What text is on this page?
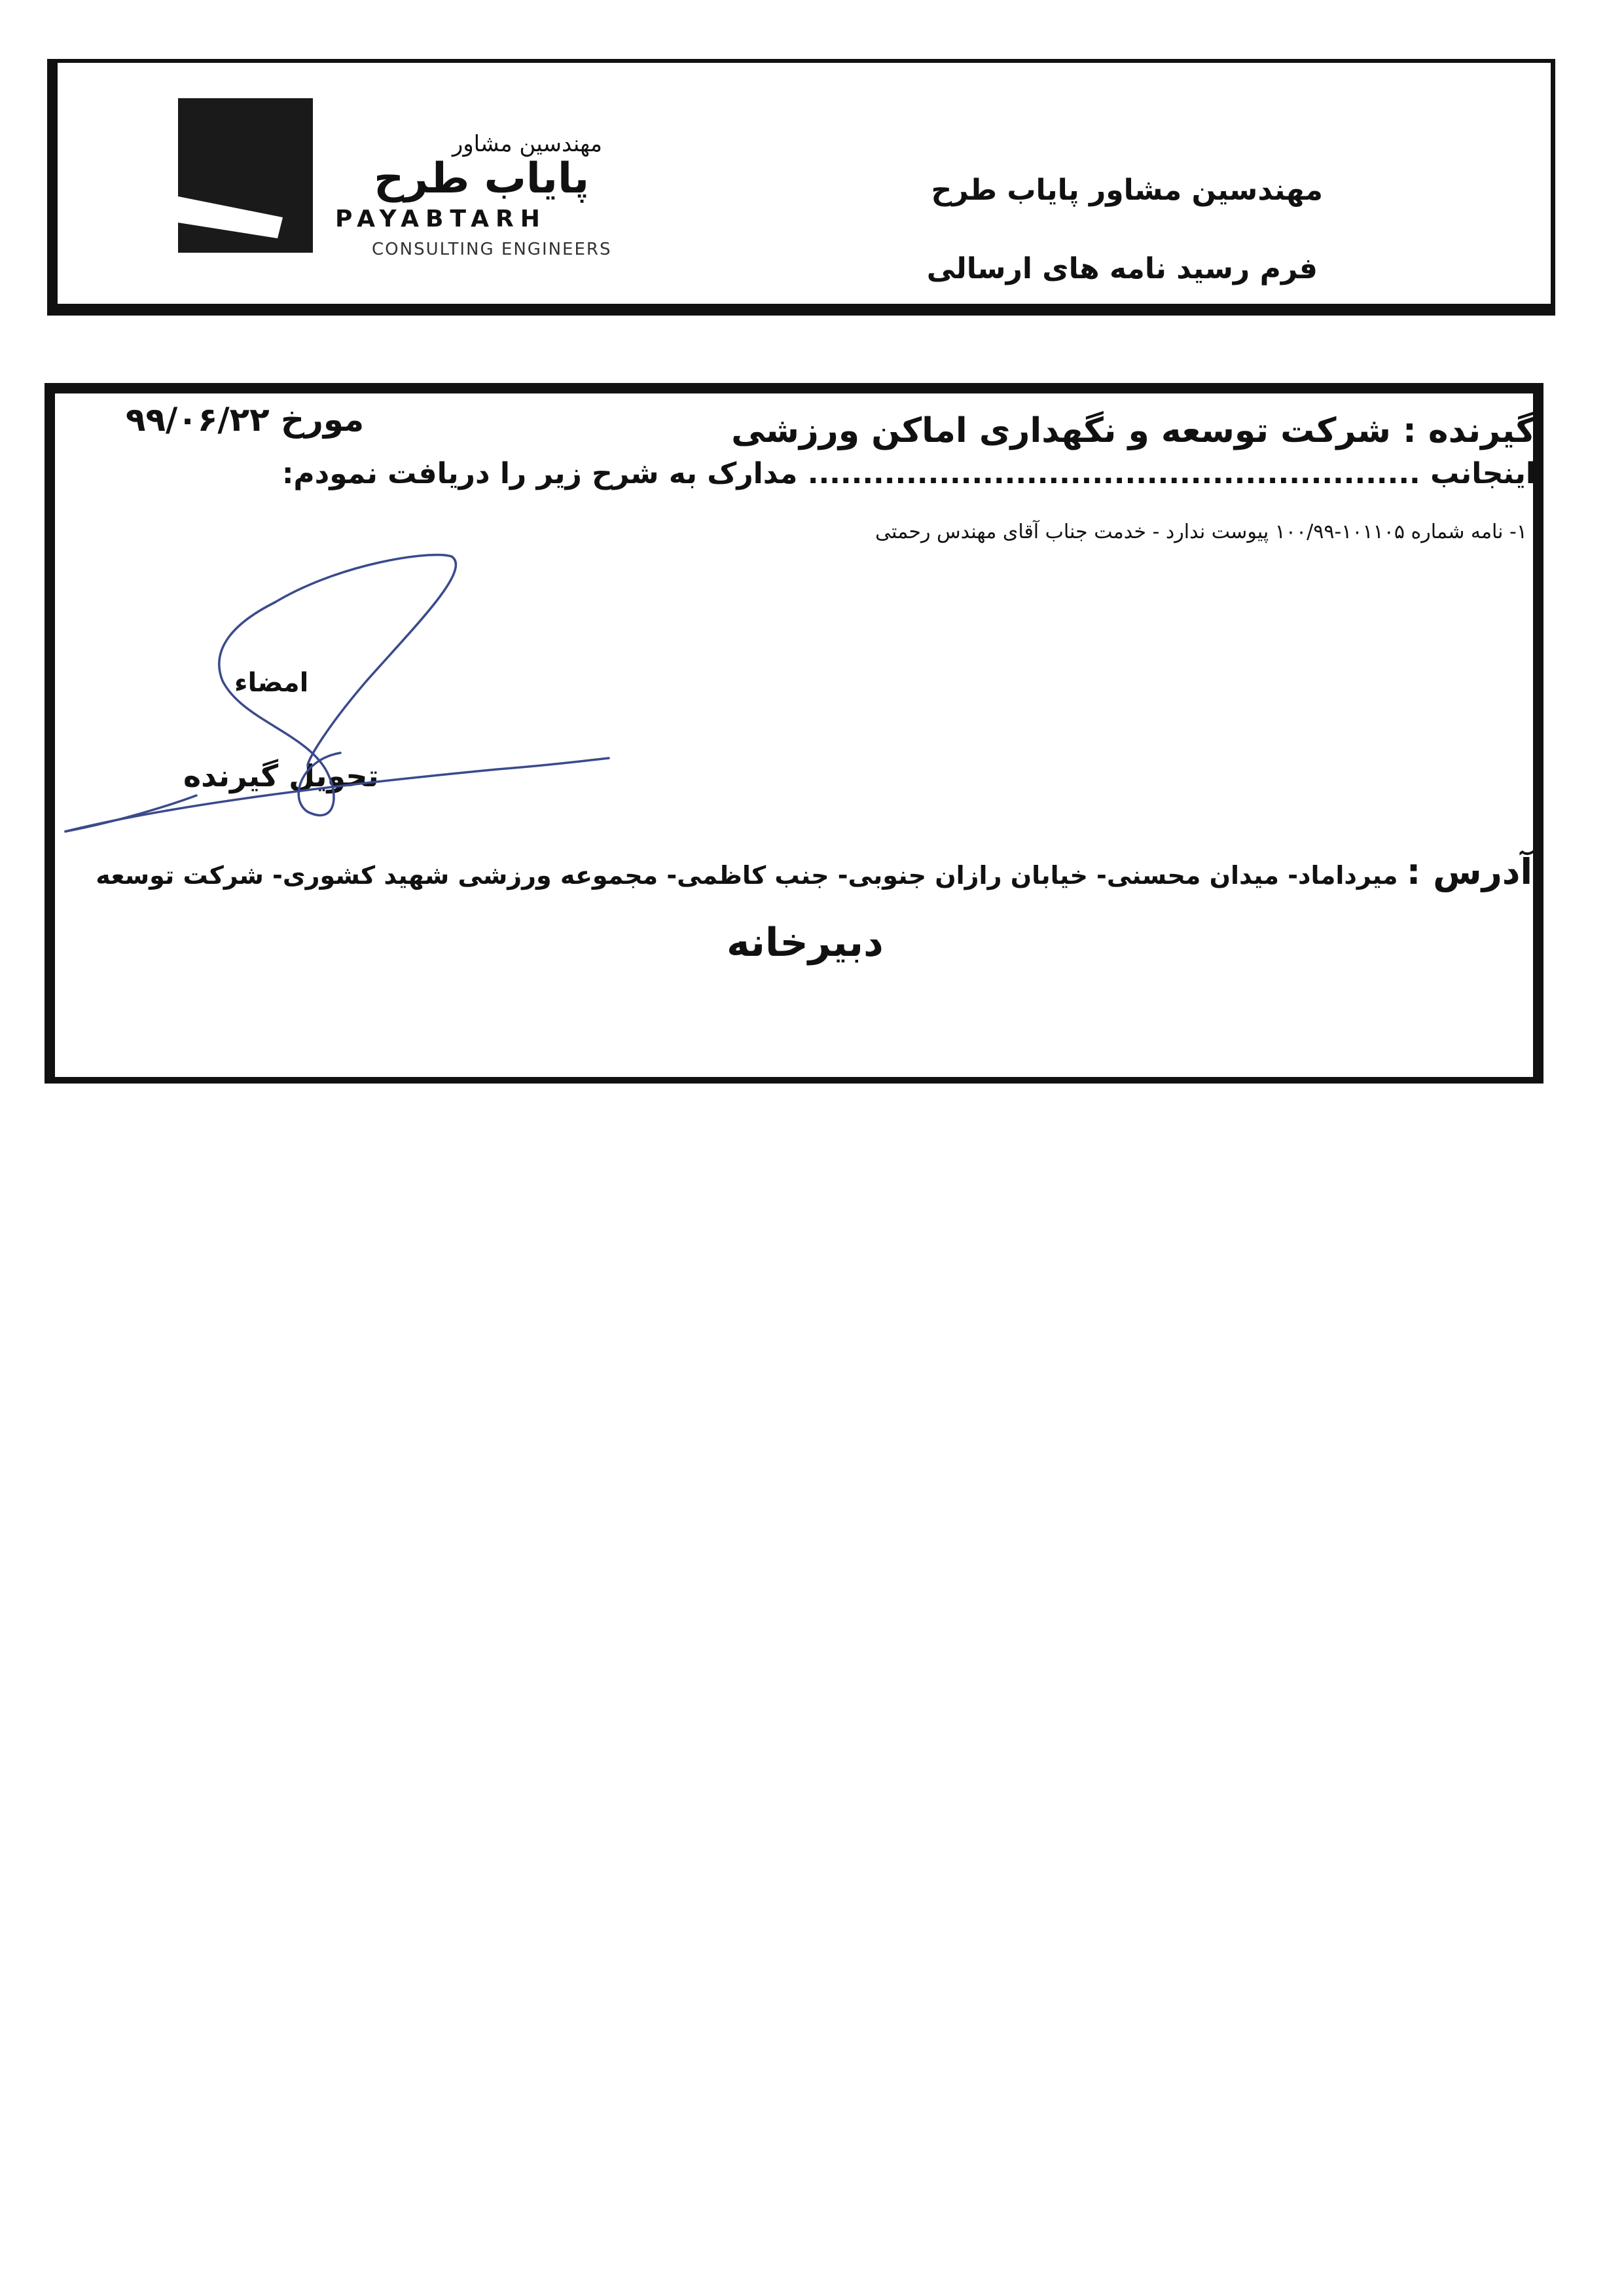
مهندسین مشاور
پایاب طرح
PAYABTARH
CONSULTING ENGINEERS
مهندسین مشاور پایاب طرح
فرم رسید نامه های ارسالی
گیرنده : شرکت توسعه و نگهداری اماکن ورزشی
مورخ ۹۹/۰۶/۲۲
اینجانب ........................................................ مدارک به شرح زیر را دریافت نمودم:
۱- نامه شماره ۱۰۱۱۰۵-۱۰۰/۹۹ پیوست ندارد - خدمت جناب آقای مهندس رحمتی
امضاء
تحویل گیرنده
آدرس : میرداماد- میدان محسنی- خیابان رازان جنوبی- جنب کاظمی- مجموعه ورزشی شهید کشوری- شرکت توسعه
دبیرخانه
